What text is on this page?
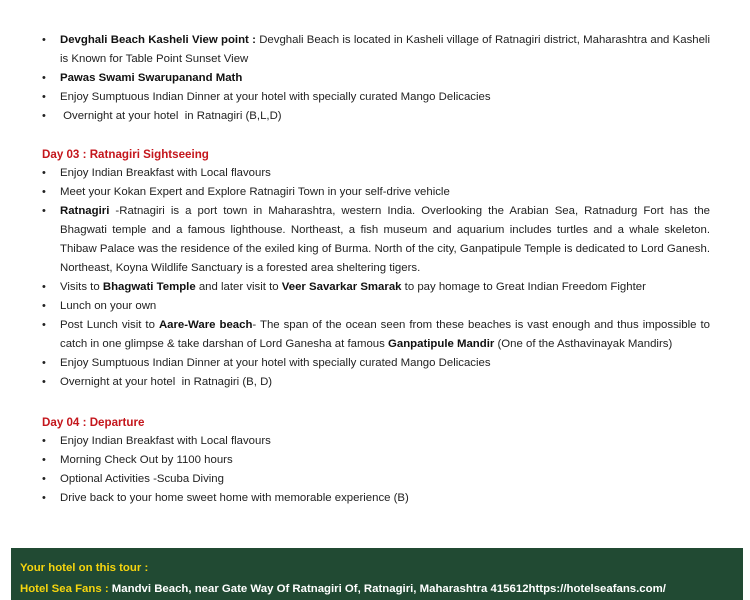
• Devghali Beach Kasheli View point : Devghali Beach is located in Kasheli village of Ratnagiri district, Maharashtra and Kasheli is Known for Table Point Sunset View
• Pawas Swami Swarupanand Math
• Enjoy Sumptuous Indian Dinner at your hotel with specially curated Mango Delicacies
•  Overnight at your hotel  in Ratnagiri (B,L,D)
Day 03 : Ratnagiri Sightseeing
• Enjoy Indian Breakfast with Local flavours
• Meet your Kokan Expert and Explore Ratnagiri Town in your self-drive vehicle
• Ratnagiri -Ratnagiri is a port town in Maharashtra, western India. Overlooking the Arabian Sea, Ratnadurg Fort has the Bhagwati temple and a famous lighthouse. Northeast, a fish museum and aquarium includes turtles and a whale skeleton. Thibaw Palace was the residence of the exiled king of Burma. North of the city, Ganpatipule Temple is dedicated to Lord Ganesh. Northeast, Koyna Wildlife Sanctuary is a forested area sheltering tigers.
• Visits to Bhagwati Temple and later visit to Veer Savarkar Smarak to pay homage to Great Indian Freedom Fighter
• Lunch on your own
• Post Lunch visit to Aare-Ware beach- The span of the ocean seen from these beaches is vast enough and thus impossible to catch in one glimpse & take darshan of Lord Ganesha at famous Ganpatipule Mandir (One of the Asthavinayak Mandirs)
• Enjoy Sumptuous Indian Dinner at your hotel with specially curated Mango Delicacies
• Overnight at your hotel  in Ratnagiri (B, D)
Day 04 : Departure
• Enjoy Indian Breakfast with Local flavours
• Morning Check Out by 1100 hours
• Optional Activities -Scuba Diving
• Drive back to your home sweet home with memorable experience (B)
Your hotel on this tour :
Hotel Sea Fans : Mandvi Beach, near Gate Way Of Ratnagiri Of, Ratnagiri, Maharashtra 415612https://hotelseafans.com/
